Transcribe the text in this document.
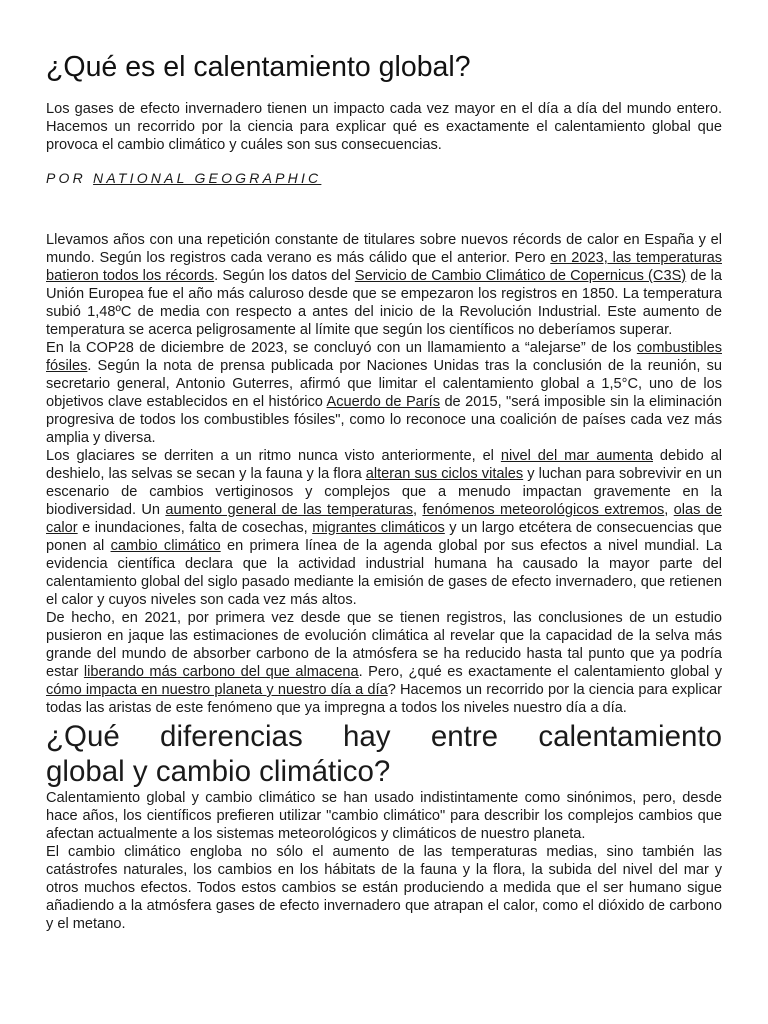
¿Qué es el calentamiento global?

Los gases de efecto invernadero tienen un impacto cada vez mayor en el día a día del mundo entero. Hacemos un recorrido por la ciencia para explicar qué es exactamente el calentamiento global que provoca el cambio climático y cuáles son sus consecuencias.

POR NATIONAL GEOGRAPHIC

Llevamos años con una repetición constante de titulares sobre nuevos récords de calor en España y el mundo. Según los registros cada verano es más cálido que el anterior. Pero en 2023, las temperaturas batieron todos los récords. Según los datos del Servicio de Cambio Climático de Copernicus (C3S) de la Unión Europea fue el año más caluroso desde que se empezaron los registros en 1850. La temperatura subió 1,48ºC de media con respecto a antes del inicio de la Revolución Industrial. Este aumento de temperatura se acerca peligrosamente al límite que según los científicos no deberíamos superar.

En la COP28 de diciembre de 2023, se concluyó con un llamamiento a “alejarse” de los combustibles fósiles. Según la nota de prensa publicada por Naciones Unidas tras la conclusión de la reunión, su secretario general, Antonio Guterres, afirmó que limitar el calentamiento global a 1,5°C, uno de los objetivos clave establecidos en el histórico Acuerdo de París de 2015, "será imposible sin la eliminación progresiva de todos los combustibles fósiles", como lo reconoce una coalición de países cada vez más amplia y diversa.

Los glaciares se derriten a un ritmo nunca visto anteriormente, el nivel del mar aumenta debido al deshielo, las selvas se secan y la fauna y la flora alteran sus ciclos vitales y luchan para sobrevivir en un escenario de cambios vertiginosos y complejos que a menudo impactan gravemente en la biodiversidad. Un aumento general de las temperaturas, fenómenos meteorológicos extremos, olas de calor e inundaciones, falta de cosechas, migrantes climáticos y un largo etcétera de consecuencias que ponen al cambio climático en primera línea de la agenda global por sus efectos a nivel mundial. La evidencia científica declara que la actividad industrial humana ha causado la mayor parte del calentamiento global del siglo pasado mediante la emisión de gases de efecto invernadero, que retienen el calor y cuyos niveles son cada vez más altos.

De hecho, en 2021, por primera vez desde que se tienen registros, las conclusiones de un estudio pusieron en jaque las estimaciones de evolución climática al revelar que la capacidad de la selva más grande del mundo de absorber carbono de la atmósfera se ha reducido hasta tal punto que ya podría estar liberando más carbono del que almacena. Pero, ¿qué es exactamente el calentamiento global y cómo impacta en nuestro planeta y nuestro día a día? Hacemos un recorrido por la ciencia para explicar todas las aristas de este fenómeno que ya impregna a todos los niveles nuestro día a día.

¿Qué diferencias hay entre calentamiento
global y cambio climático?

Calentamiento global y cambio climático se han usado indistintamente como sinónimos, pero, desde hace años, los científicos prefieren utilizar "cambio climático" para describir los complejos cambios que afectan actualmente a los sistemas meteorológicos y climáticos de nuestro planeta.

El cambio climático engloba no sólo el aumento de las temperaturas medias, sino también las catástrofes naturales, los cambios en los hábitats de la fauna y la flora, la subida del nivel del mar y otros muchos efectos. Todos estos cambios se están produciendo a medida que el ser humano sigue añadiendo a la atmósfera gases de efecto invernadero que atrapan el calor, como el dióxido de carbono y el metano.
